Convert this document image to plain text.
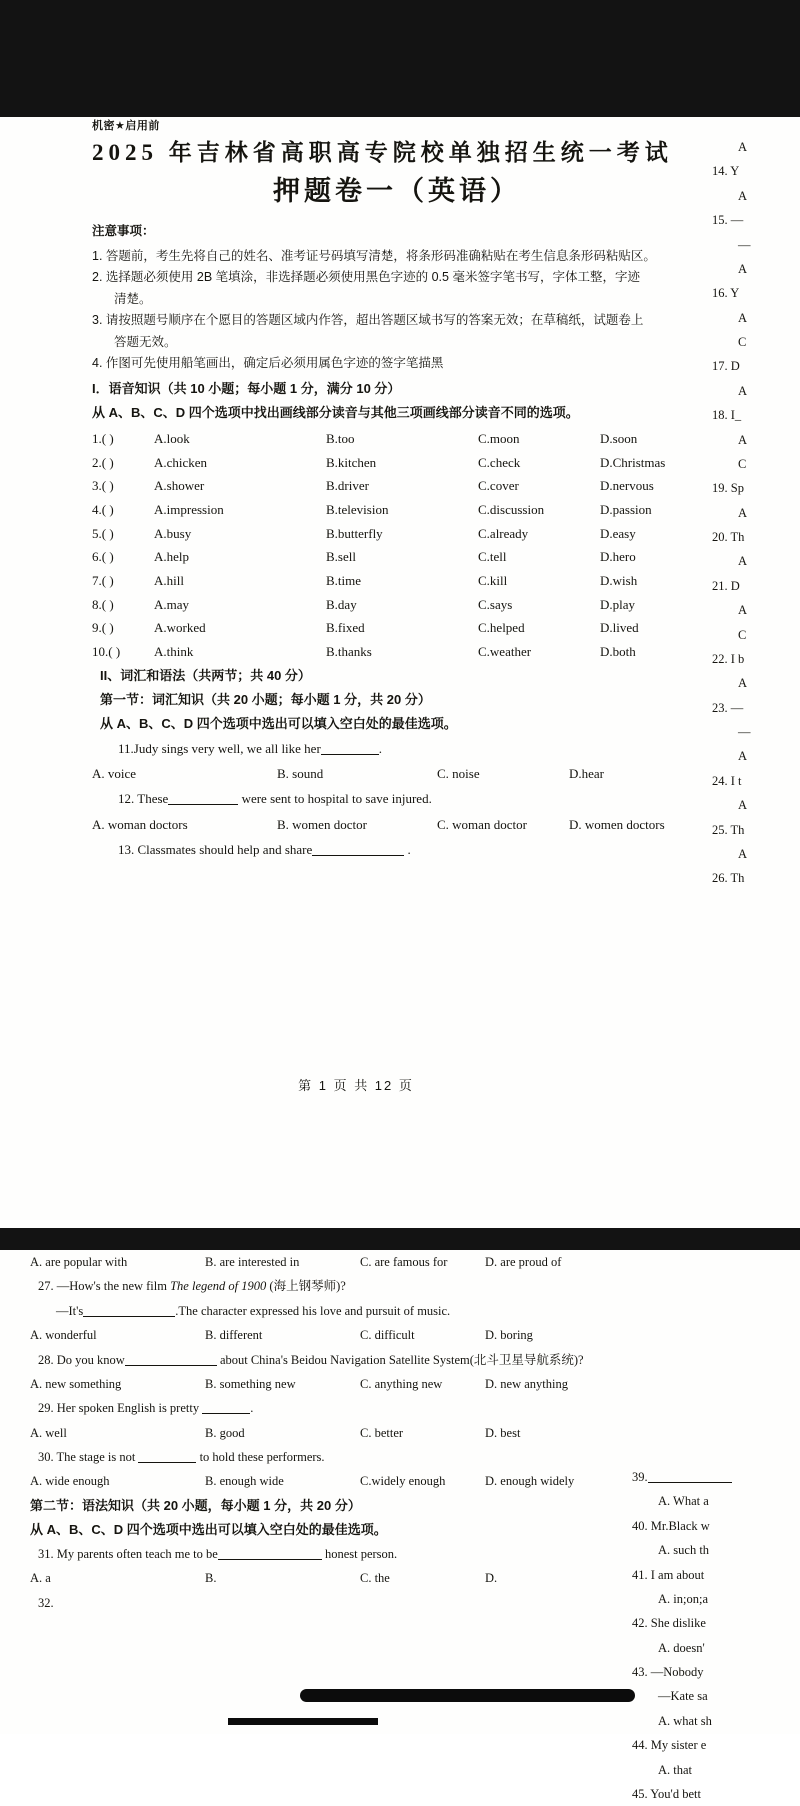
机密★启用前

2025 年吉林省高职高专院校单独招生统一考试
押题卷一（英语）

注意事项：

1. 答题前，考生先将自己的姓名、准考证号码填写清楚，将条形码准确粘贴在考生信息条形码粘贴区。
2. 选择题必须使用 2B 笔填涂，非选择题必须使用黑色字迹的 0.5 毫米签字笔书写，字体工整，字迹
清楚。
3. 请按照题号顺序在个愿目的答题区域内作答，超出答题区域书写的答案无效；在草稿纸，试题卷上
答题无效。
4. 作图可先使用船笔画出，确定后必须用属色字迹的签字笔描黑

I．语音知识（共 10 小题；每小题 1 分，满分 10 分）

从 A、B、C、D 四个选项中找出画线部分读音与其他三项画线部分读音不同的选项。

1.( )	A.look	B.too	C.moon	D.soon
2.( )	A.chicken	B.kitchen	C.check	D.Christmas
3.( )	A.shower	B.driver	C.cover	D.nervous
4.( )	A.impression	B.television	C.discussion	D.passion
5.( )	A.busy	B.butterfly	C.already	D.easy
6.( )	A.help	B.sell	C.tell	D.hero
7.( )	A.hill	B.time	C.kill	D.wish
8.( )	A.may	B.day	C.says	D.play
9.( )	A.worked	B.fixed	C.helped	D.lived
10.( )	A.think	B.thanks	C.weather	D.both

II、词汇和语法（共两节；共 40 分）

第一节：词汇知识（共 20 小题；每小题 1 分，共 20 分）

从 A、B、C、D 四个选项中选出可以填入空白处的最佳选项。

11.Judy sings very well, we all like her	.

A. voice	B. sound	C. noise	D.hear

12. These	were sent to hospital to save injured.

A. woman doctors	B. women doctor	C. woman doctor	D. women doctors

13. Classmates should help and share	.

A
14. Y
A
15. —
—
A
16. Y
A
C
17. D
A
18. I_
A
C
19. Sp
A
20. Th
A
21. D
A
C
22. I b
A
23. —
—
A
24. I t
A
25. Th
A
26. Th
第 1 页 共 12 页
A. are popular with	B. are interested in	C. are famous for	D. are proud of

27. —How's the new film The legend of 1900 (海上钢琴师)?

—It's	.The character expressed his love and pursuit of music.

A. wonderful	B. different	C. difficult	D. boring

28. Do you know	about China's Beidou Navigation Satellite System(北斗卫星导航系统)?

A. new something	B. something new	C. anything new	D. new anything

29. Her spoken English is pretty	.

A. well	B. good	C. better	D. best

30. The stage is not	to hold these performers.

A. wide enough	B. enough wide	C.widely enough	D. enough widely

第二节：语法知识（共 20 小题，每小题 1 分，共 20 分）

从 A、B、C、D 四个选项中选出可以填入空白处的最佳选项。

31. My parents often teach me to be	honest person.

A. a	B.	C. the	D.

32.

39.
A. What a
40. Mr.Black w
A. such th
41. I am about
A. in;on;a
42. She dislike
A. doesn'
43. —Nobody
—Kate sa
A. what sh
44. My sister e
A. that
45. You'd bett
